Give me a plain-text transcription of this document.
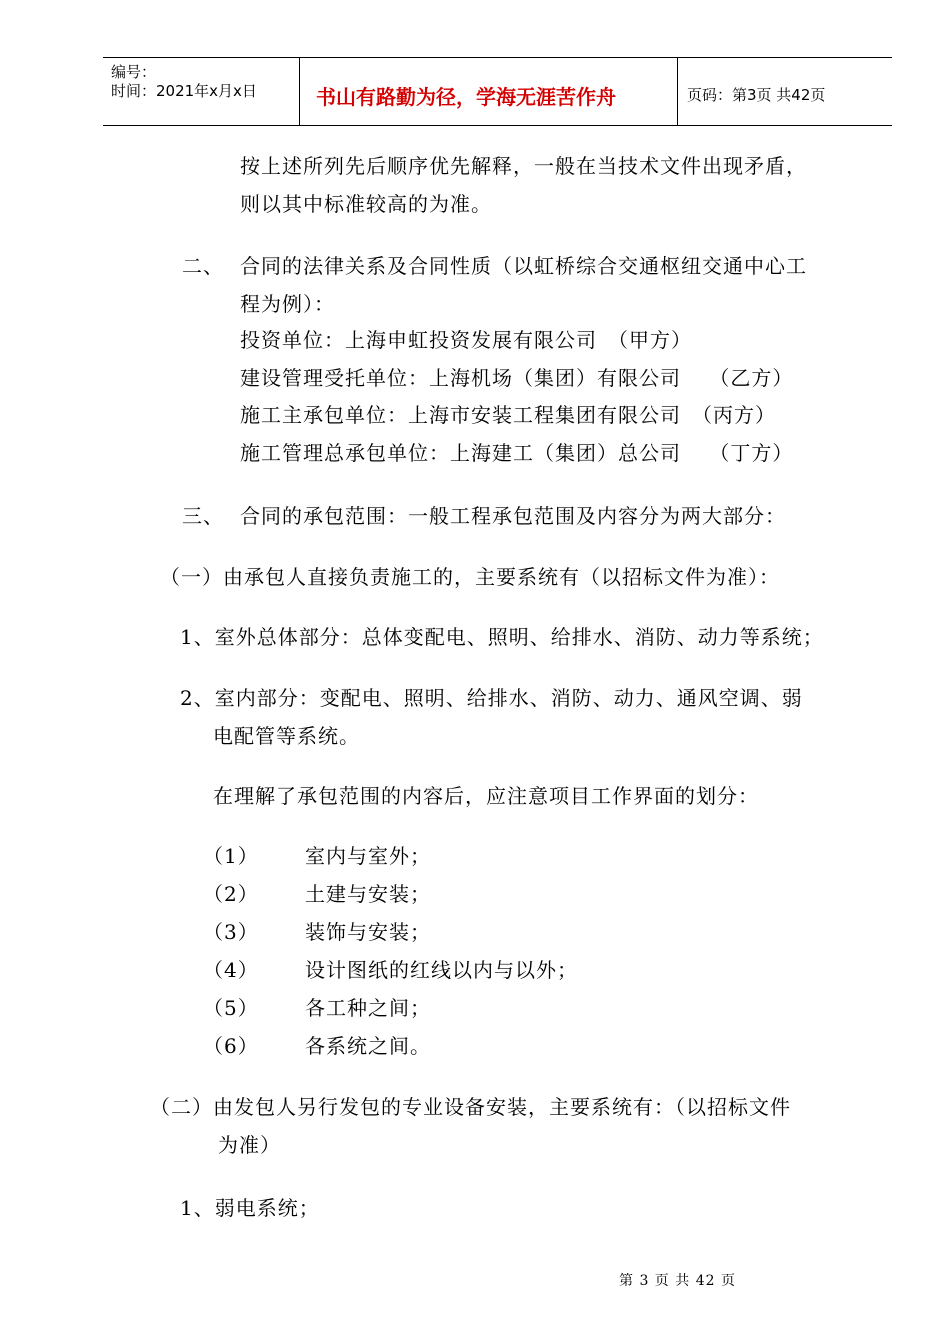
编号：
时间：2021年x月x日	书山有路勤为径，学海无涯苦作舟	页码：第3页 共42页
按上述所列先后顺序优先解释，一般在当技术文件出现矛盾，
则以其中标准较高的为准。
二、 合同的法律关系及合同性质（以虹桥综合交通枢纽交通中心工
程为例）：
投资单位：上海申虹投资发展有限公司　（甲方）
建设管理受托单位：上海机场（集团）有限公司　 （乙方）
施工主承包单位：上海市安装工程集团有限公司　（丙方）
施工管理总承包单位：上海建工（集团）总公司　 （丁方）
三、 合同的承包范围：一般工程承包范围及内容分为两大部分：
（一）由承包人直接负责施工的，主要系统有（以招标文件为准）：
1、室外总体部分：总体变配电、照明、给排水、消防、动力等系统；
2、室内部分：变配电、照明、给排水、消防、动力、通风空调、弱
电配管等系统。
在理解了承包范围的内容后，应注意项目工作界面的划分：
（1） 室内与室外；
（2） 土建与安装；
（3） 装饰与安装；
（4） 设计图纸的红线以内与以外；
（5） 各工种之间；
（6） 各系统之间。
（二）由发包人另行发包的专业设备安装，主要系统有：（以招标文件
为准）
1、弱电系统；
第 3 页 共 42 页
